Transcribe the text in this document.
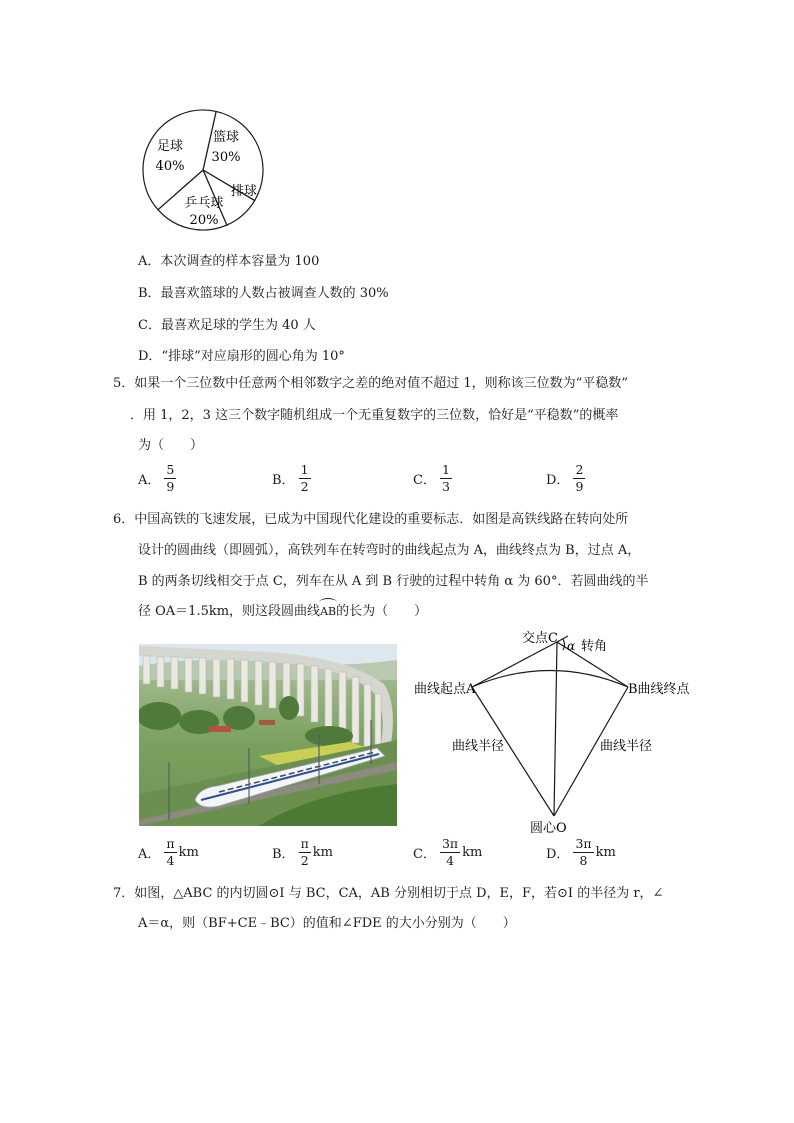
足球
40%
篮球
30%
排球
乒乓球
20%
A．本次调查的样本容量为 100
B．最喜欢篮球的人数占被调查人数的 30%
C．最喜欢足球的学生为 40 人
D．“排球”对应扇形的圆心角为 10°
5．如果一个三位数中任意两个相邻数字之差的绝对值不超过 1，则称该三位数为“平稳数”
．用 1，2，3 这三个数字随机组成一个无重复数字的三位数，恰好是“平稳数”的概率
为（　　）
A． $\frac{5}{9}$	B． $\frac{1}{2}$	C． $\frac{1}{3}$	D． $\frac{2}{9}$
6．中国高铁的飞速发展，已成为中国现代化建设的重要标志．如图是高铁线路在转向处所
设计的圆曲线（即圆弧），高铁列车在转弯时的曲线起点为 A，曲线终点为 B，过点 A，
B 的两条切线相交于点 C，列车在从 A 到 B 行驶的过程中转角 α 为 60°．若圆曲线的半
径 OA＝1.5km，则这段圆曲线
AB的长为（　　）
交点C α 转角
曲线起点A	B曲线终点
曲线半径	曲线半径
圆心O
A． $\frac{\pi}{4}$ km	B． $\frac{\pi}{2}$ km	C． $\frac{3\pi}{4}$ km	D． $\frac{3\pi}{8}$ km
7．如图，△ABC 的内切圆⊙I 与 BC，CA，AB 分别相切于点 D，E，F，若⊙I 的半径为 r，∠
A＝α，则（BF+CE﹣BC）的值和∠FDE 的大小分别为（　　）
